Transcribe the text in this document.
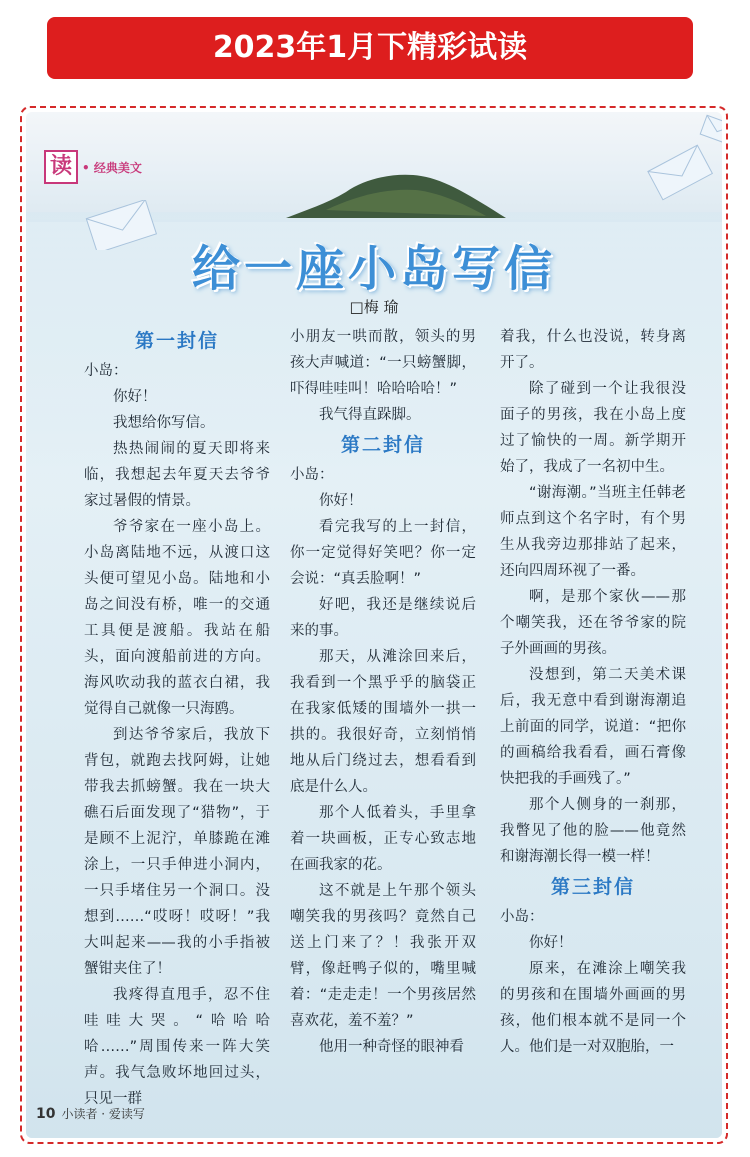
2023年1月下精彩试读
读 • 经典美文
给一座小岛写信
□梅 瑜
第一封信

小岛：

你好！

我想给你写信。

热热闹闹的夏天即将来临，我想起去年夏天去爷爷家过暑假的情景。

爷爷家在一座小岛上。小岛离陆地不远，从渡口这头便可望见小岛。陆地和小岛之间没有桥，唯一的交通工具便是渡船。我站在船头，面向渡船前进的方向。海风吹动我的蓝衣白裙，我觉得自己就像一只海鸥。

到达爷爷家后，我放下背包，就跑去找阿姆，让她带我去抓螃蟹。我在一块大礁石后面发现了“猎物”，于是顾不上泥泞，单膝跪在滩涂上，一只手伸进小洞内，一只手堵住另一个洞口。没想到……“哎呀！哎呀！”我大叫起来——我的小手指被蟹钳夹住了！

我疼得直甩手，忍不住哇哇大哭。“哈哈哈哈……”周围传来一阵大笑声。我气急败坏地回过头，只见一群

小朋友一哄而散，领头的男孩大声喊道：“一只螃蟹脚，吓得哇哇叫！哈哈哈哈！”

我气得直跺脚。

第二封信

小岛：

你好！

看完我写的上一封信，你一定觉得好笑吧？你一定会说：“真丢脸啊！”

好吧，我还是继续说后来的事。

那天，从滩涂回来后，我看到一个黑乎乎的脑袋正在我家低矮的围墙外一拱一拱的。我很好奇，立刻悄悄地从后门绕过去，想看看到底是什么人。

那个人低着头，手里拿着一块画板，正专心致志地在画我家的花。

这不就是上午那个领头嘲笑我的男孩吗？竟然自己送上门来了？！我张开双臂，像赶鸭子似的，嘴里喊着：“走走走！一个男孩居然喜欢花，羞不羞？”

他用一种奇怪的眼神看

着我，什么也没说，转身离开了。

除了碰到一个让我很没面子的男孩，我在小岛上度过了愉快的一周。新学期开始了，我成了一名初中生。

“谢海潮。”当班主任韩老师点到这个名字时，有个男生从我旁边那排站了起来，还向四周环视了一番。

啊，是那个家伙——那个嘲笑我，还在爷爷家的院子外画画的男孩。

没想到，第二天美术课后，我无意中看到谢海潮追上前面的同学，说道：“把你的画稿给我看看，画石膏像快把我的手画残了。”

那个人侧身的一刹那，我瞥见了他的脸——他竟然和谢海潮长得一模一样！

第三封信

小岛：

你好！

原来，在滩涂上嘲笑我的男孩和在围墙外画画的男孩，他们根本就不是同一个人。他们是一对双胞胎，一

10 小读者 · 爱读写
